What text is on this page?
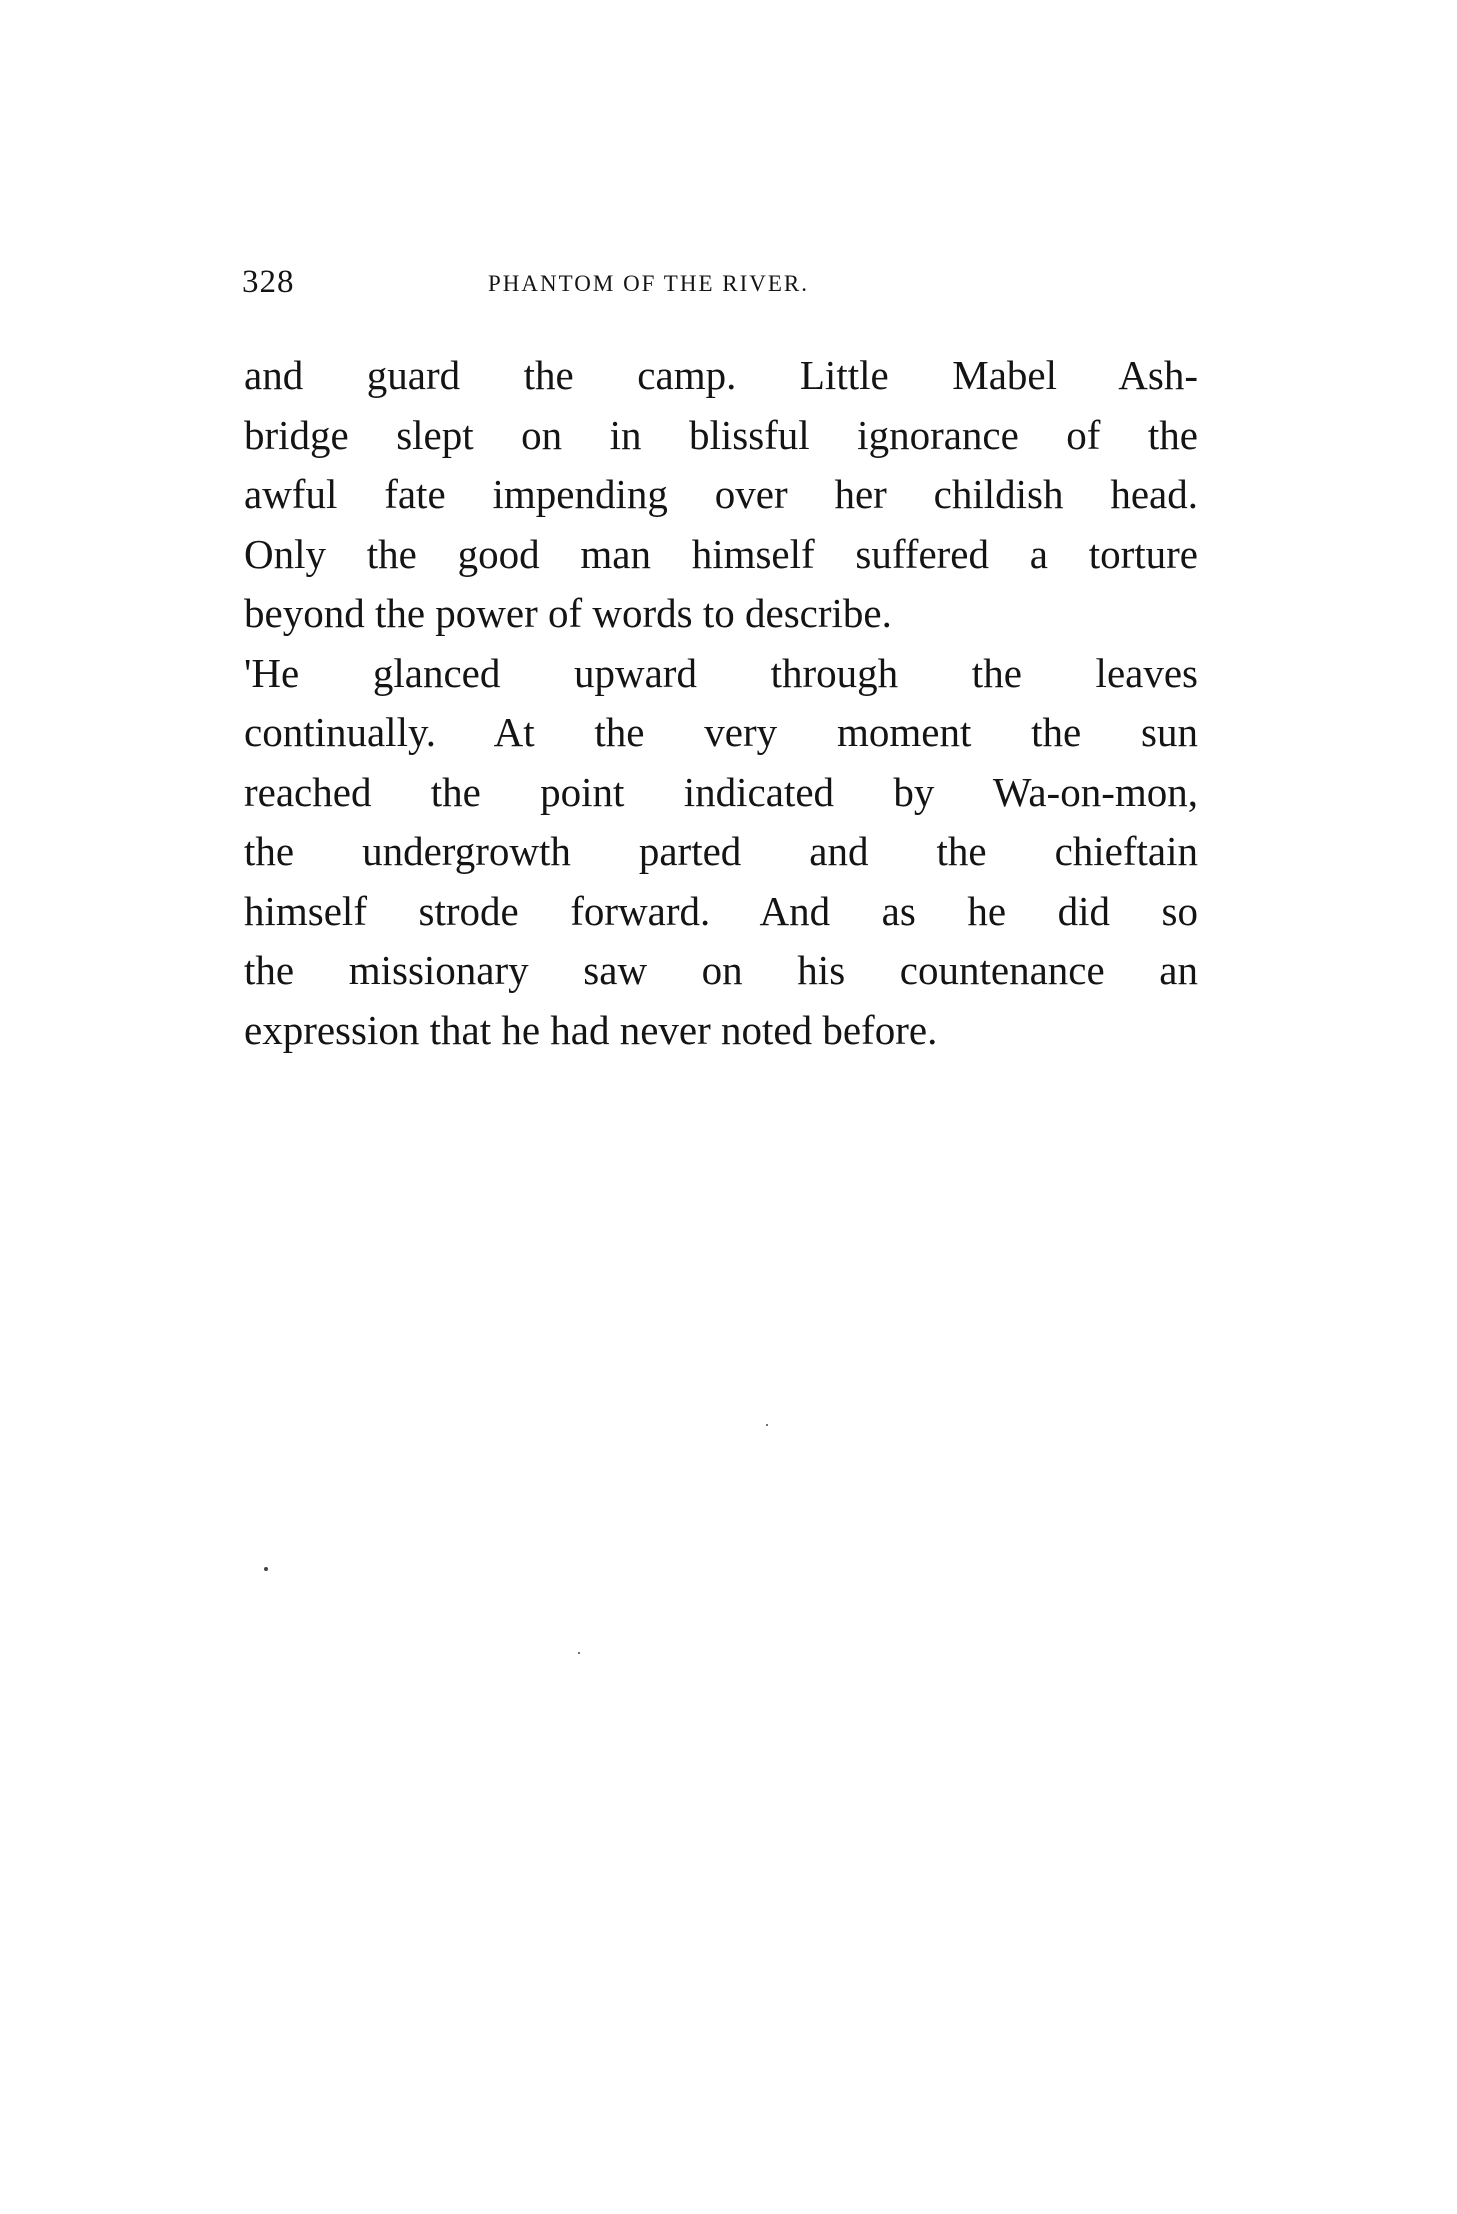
328	PHANTOM OF THE RIVER.
and guard the camp. Little Mabel Ash-
bridge slept on in blissful ignorance of the
awful fate impending over her childish head.
Only the good man himself suffered a torture
beyond the power of words to describe.
'He glanced upward through the leaves
continually. At the very moment the sun
reached the point indicated by Wa-on-mon,
the undergrowth parted and the chieftain
himself strode forward. And as he did so
the missionary saw on his countenance an
expression that he had never noted before.
